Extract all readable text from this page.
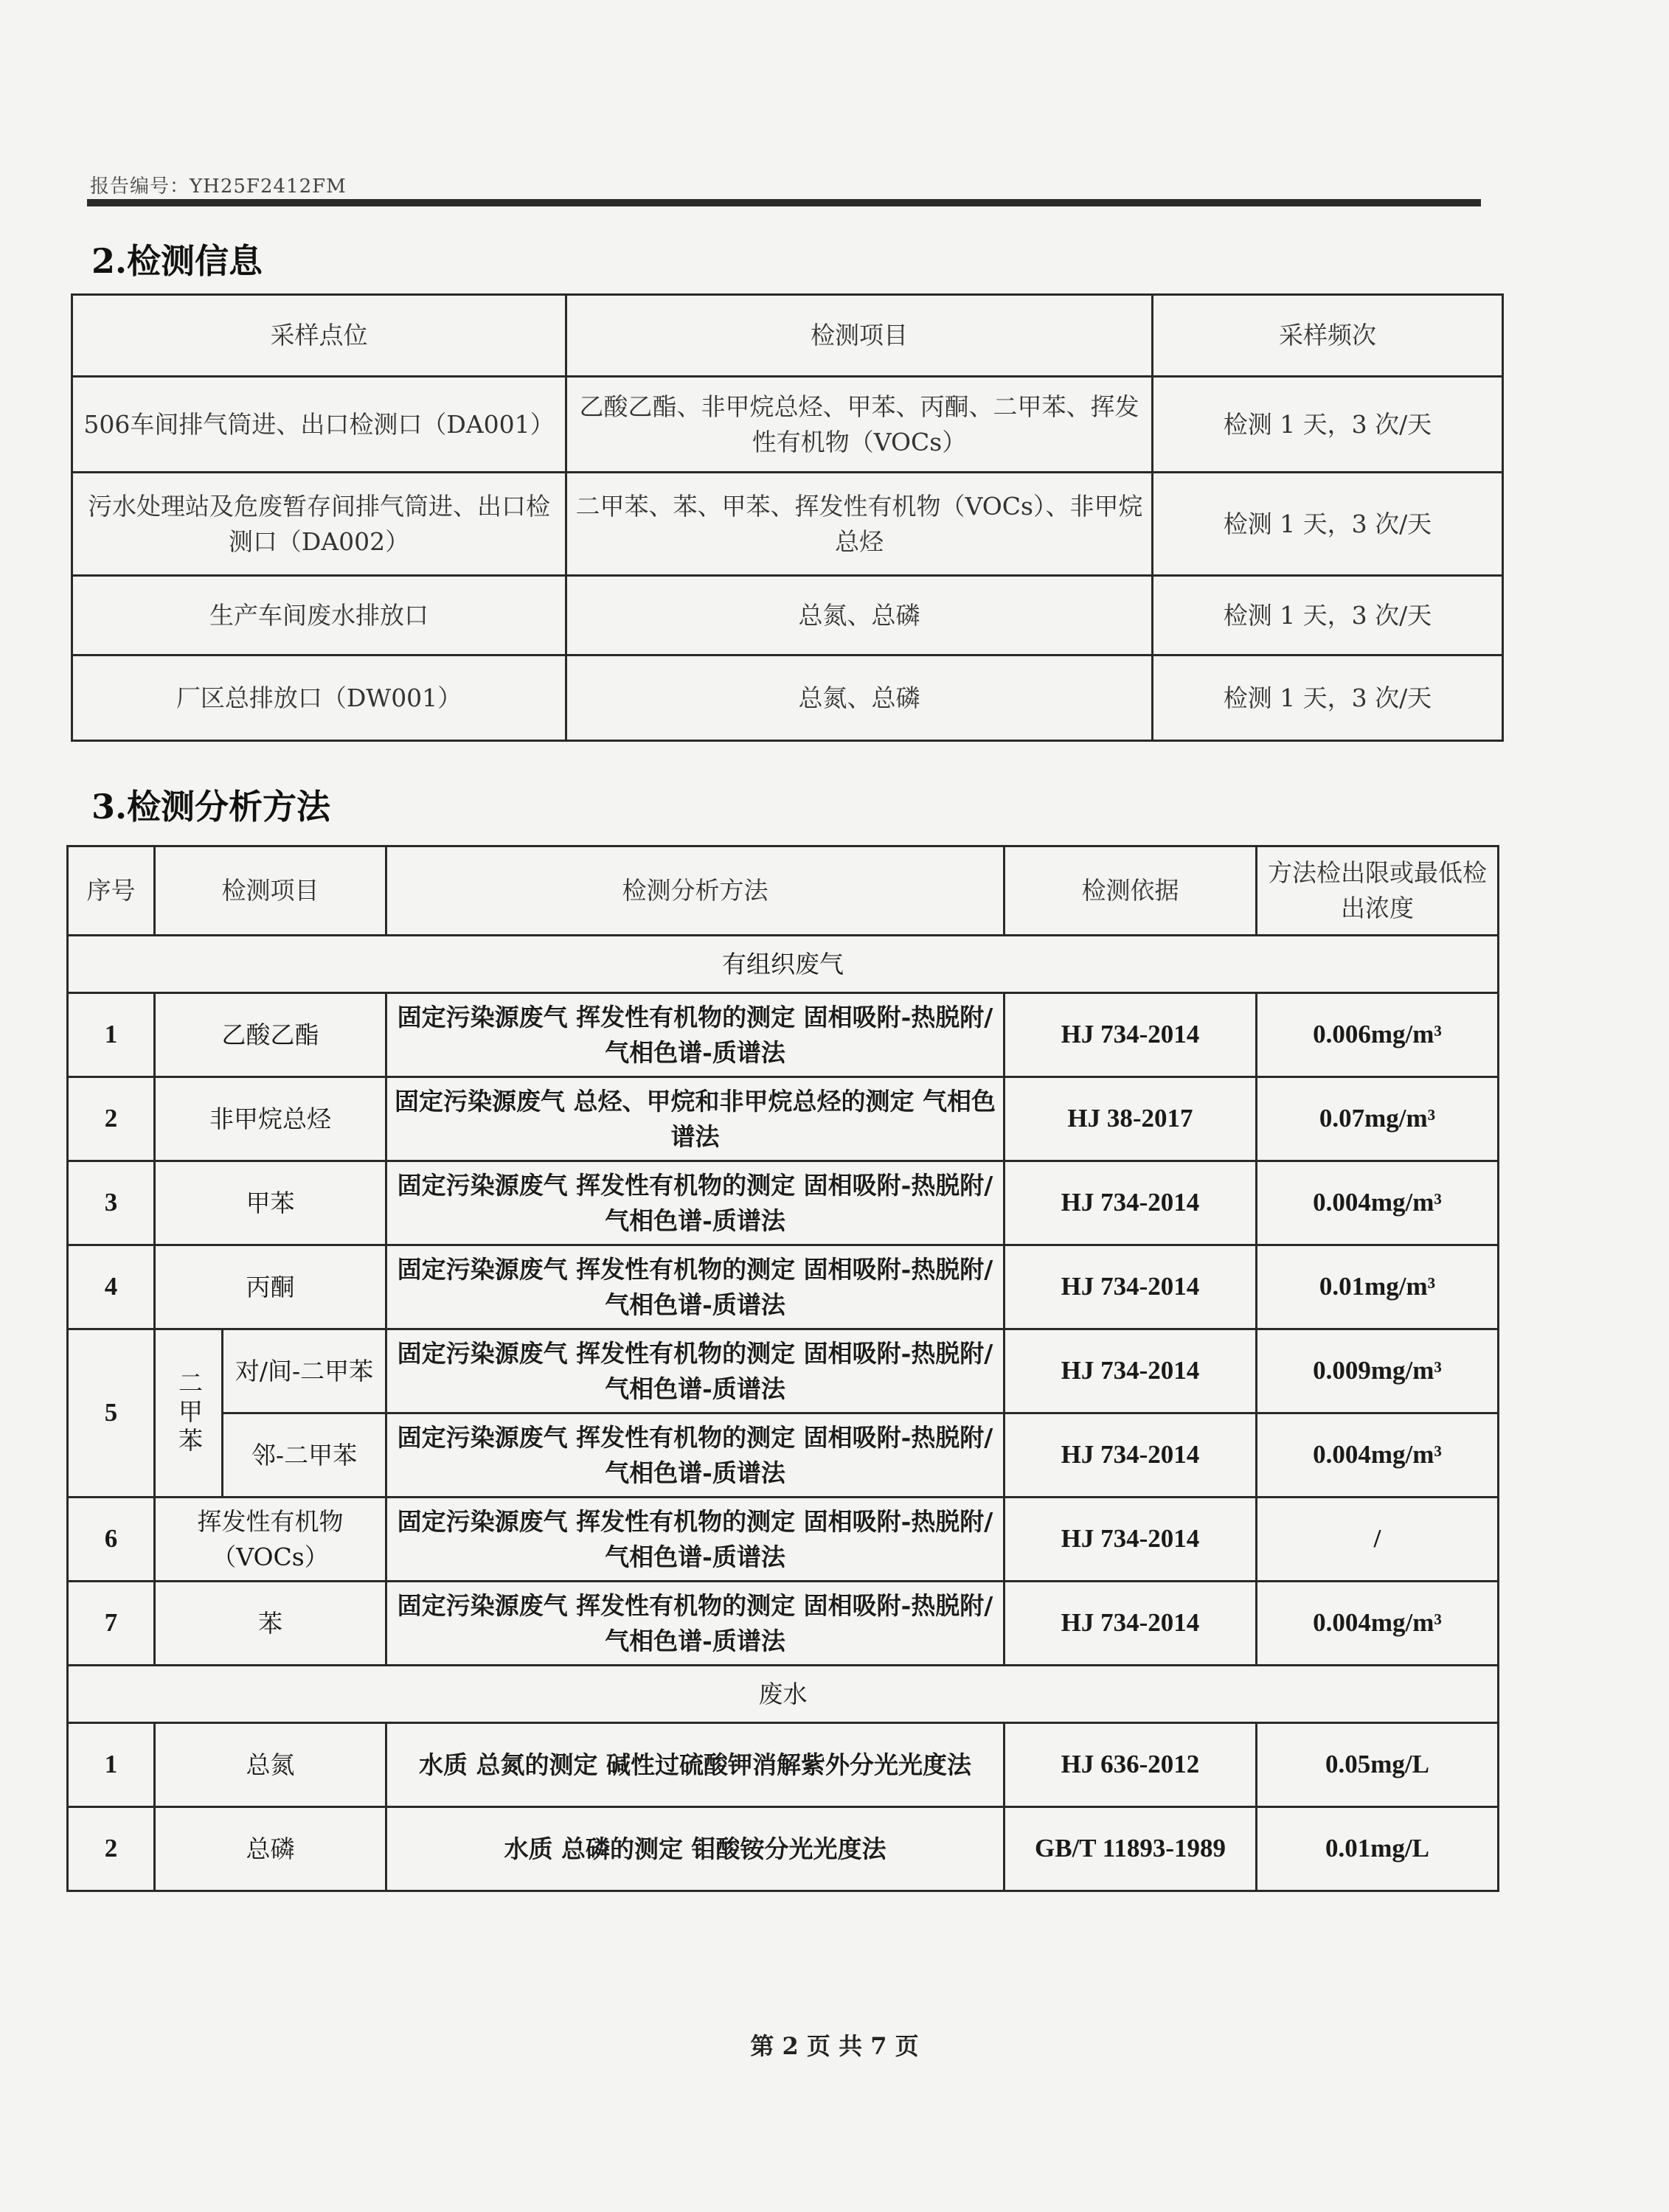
报告编号：YH25F2412FM
2.检测信息
采样点位	检测项目	采样频次
506车间排气筒进、出口检测口（DA001）	乙酸乙酯、非甲烷总烃、甲苯、丙酮、二甲苯、挥发性有机物（VOCs）	检测 1 天，3 次/天
污水处理站及危废暂存间排气筒进、出口检测口（DA002）	二甲苯、苯、甲苯、挥发性有机物（VOCs）、非甲烷总烃	检测 1 天，3 次/天
生产车间废水排放口	总氮、总磷	检测 1 天，3 次/天
厂区总排放口（DW001）	总氮、总磷	检测 1 天，3 次/天
3.检测分析方法
序号	检测项目		检测分析方法	检测依据	方法检出限或最低检出浓度
有组织废气					
1	乙酸乙酯		固定污染源废气 挥发性有机物的测定 固相吸附-热脱附/气相色谱-质谱法	HJ 734-2014	0.006mg/m³
2	非甲烷总烃		固定污染源废气 总烃、甲烷和非甲烷总烃的测定 气相色谱法	HJ 38-2017	0.07mg/m³
3	甲苯		固定污染源废气 挥发性有机物的测定 固相吸附-热脱附/气相色谱-质谱法	HJ 734-2014	0.004mg/m³
4	丙酮		固定污染源废气 挥发性有机物的测定 固相吸附-热脱附/气相色谱-质谱法	HJ 734-2014	0.01mg/m³
5	二甲苯	对/间-二甲苯	固定污染源废气 挥发性有机物的测定 固相吸附-热脱附/气相色谱-质谱法	HJ 734-2014	0.009mg/m³
		邻-二甲苯	固定污染源废气 挥发性有机物的测定 固相吸附-热脱附/气相色谱-质谱法	HJ 734-2014	0.004mg/m³
6	挥发性有机物（VOCs）		固定污染源废气 挥发性有机物的测定 固相吸附-热脱附/气相色谱-质谱法	HJ 734-2014	/
7	苯		固定污染源废气 挥发性有机物的测定 固相吸附-热脱附/气相色谱-质谱法	HJ 734-2014	0.004mg/m³
废水					
1	总氮		水质 总氮的测定 碱性过硫酸钾消解紫外分光光度法	HJ 636-2012	0.05mg/L
2	总磷		水质 总磷的测定 钼酸铵分光光度法	GB/T 11893-1989	0.01mg/L
第 2 页 共 7 页
